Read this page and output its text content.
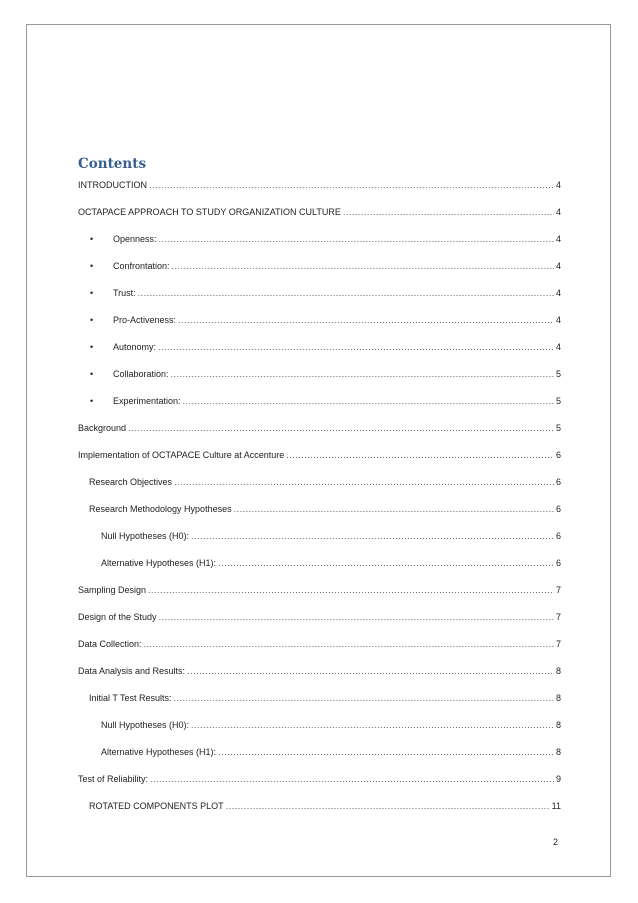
Contents
INTRODUCTION .....	4
OCTAPACE APPROACH TO STUDY ORGANIZATION CULTURE .....	4
•	Openness: .....	4
•	Confrontation: .....	4
•	Trust: .....	4
•	Pro-Activeness: .....	4
•	Autonomy: .....	4
•	Collaboration: .....	5
•	Experimentation: .....	5
Background .....	5
Implementation of OCTAPACE Culture at Accenture .....	6
Research Objectives .....	6
Research Methodology Hypotheses .....	6
Null Hypotheses (H0): .....	6
Alternative Hypotheses (H1): .....	6
Sampling Design .....	7
Design of the Study .....	7
Data Collection: .....	7
Data Analysis and Results: .....	8
Initial T Test Results: .....	8
Null Hypotheses (H0): .....	8
Alternative Hypotheses (H1): .....	8
Test of Reliability: .....	9
ROTATED COMPONENTS PLOT .....	11
2
